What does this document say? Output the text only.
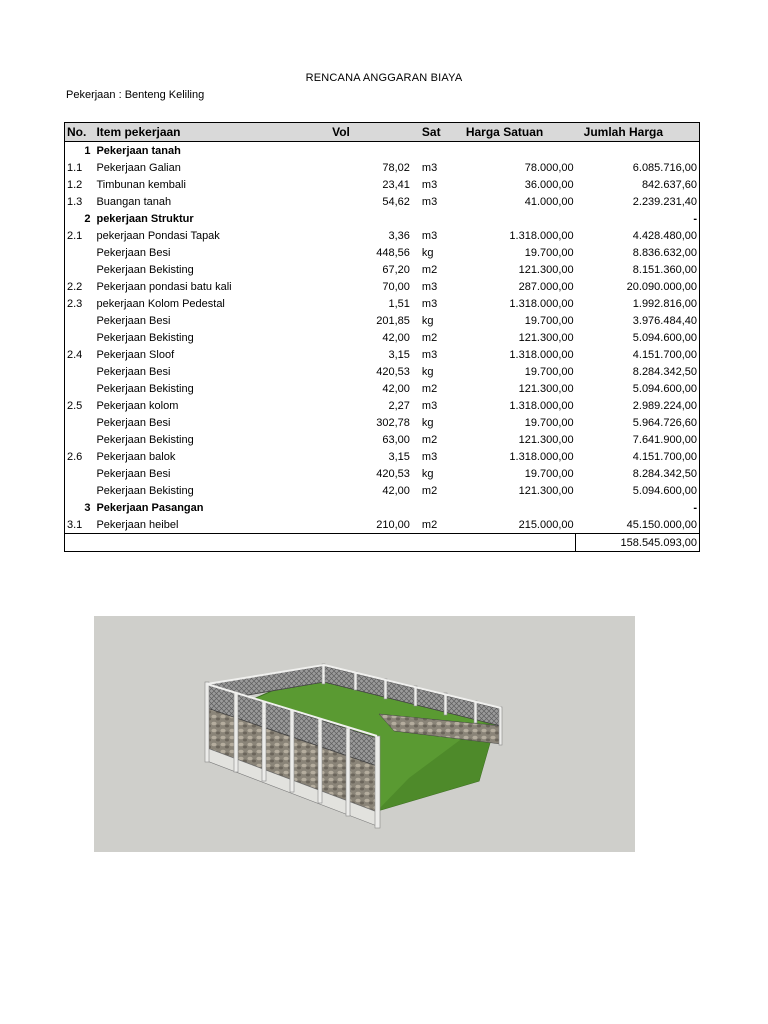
RENCANA ANGGARAN BIAYA
Pekerjaan : Benteng Keliling
No.	Item pekerjaan	Vol	Sat	Harga Satuan	Jumlah Harga
1	Pekerjaan tanah				
1.1	Pekerjaan Galian	78,02	m3	78.000,00	6.085.716,00
1.2	Timbunan kembali	23,41	m3	36.000,00	842.637,60
1.3	Buangan tanah	54,62	m3	41.000,00	2.239.231,40
2	pekerjaan Struktur				-
2.1	pekerjaan Pondasi Tapak	3,36	m3	1.318.000,00	4.428.480,00
	Pekerjaan Besi	448,56	kg	19.700,00	8.836.632,00
	Pekerjaan Bekisting	67,20	m2	121.300,00	8.151.360,00
2.2	Pekerjaan pondasi batu kali	70,00	m3	287.000,00	20.090.000,00
2.3	pekerjaan Kolom Pedestal	1,51	m3	1.318.000,00	1.992.816,00
	Pekerjaan Besi	201,85	kg	19.700,00	3.976.484,40
	Pekerjaan Bekisting	42,00	m2	121.300,00	5.094.600,00
2.4	Pekerjaan Sloof	3,15	m3	1.318.000,00	4.151.700,00
	Pekerjaan Besi	420,53	kg	19.700,00	8.284.342,50
	Pekerjaan Bekisting	42,00	m2	121.300,00	5.094.600,00
2.5	Pekerjaan kolom	2,27	m3	1.318.000,00	2.989.224,00
	Pekerjaan Besi	302,78	kg	19.700,00	5.964.726,60
	Pekerjaan Bekisting	63,00	m2	121.300,00	7.641.900,00
2.6	Pekerjaan balok	3,15	m3	1.318.000,00	4.151.700,00
	Pekerjaan Besi	420,53	kg	19.700,00	8.284.342,50
	Pekerjaan Bekisting	42,00	m2	121.300,00	5.094.600,00
3	Pekerjaan Pasangan				-
3.1	Pekerjaan heibel	210,00	m2	215.000,00	45.150.000,00
					158.545.093,00
